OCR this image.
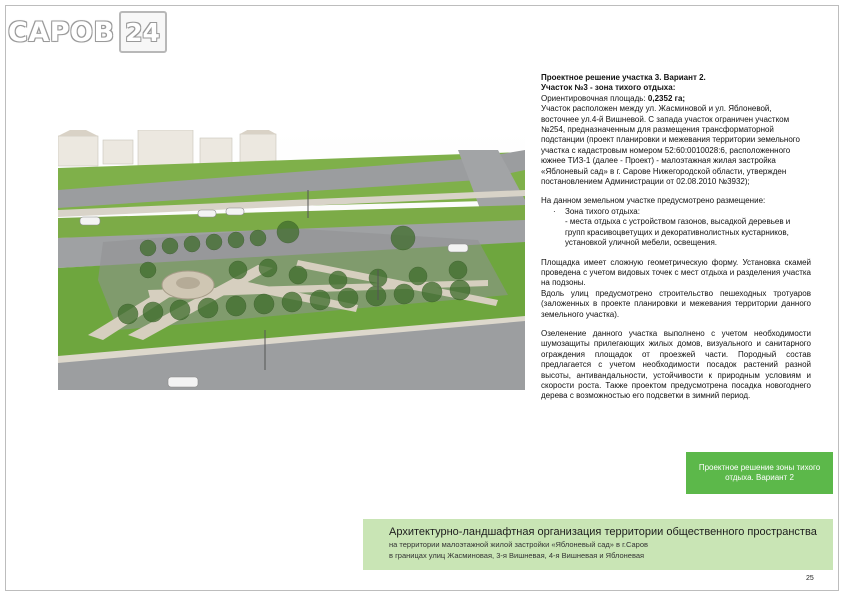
САРОВ 24

Проектное решение участка 3. Вариант 2.

Участок №3 - зона тихого отдыха:

Ориентировочная площадь: 0,2352 га;

Участок расположен между ул. Жасминовой и ул. Яблоневой, восточнее ул.4-й Вишневой. С запада участок ограничен участком №254, предназначенным для размещения трансформаторной подстанции (проект планировки и межевания территории земельного участка с кадастровым номером 52:60:0010028:6, расположенного южнее ТИЗ-1 (далее - Проект) - малоэтажная жилая застройка «Яблоневый сад» в г. Сарове Нижегородской области, утвержден постановлением Администрации от 02.08.2010 №3932);

На данном земельном участке предусмотрено размещение:

· Зона тихого отдыха:

- места отдыха с устройством газонов, высадкой деревьев и групп красивоцветущих и декоративнолистных кустарников, установкой уличной мебели, освещения.

Площадка имеет сложную геометрическую форму. Установка скамей проведена с учетом видовых точек с мест отдыха и разделения участка на подзоны.

Вдоль улиц предусмотрено строительство пешеходных тротуаров (заложенных в проекте планировки и межевания территории данного земельного участка).

Озеленение данного участка выполнено с учетом необходимости шумозащиты прилегающих жилых домов, визуального и санитарного ограждения площадок от проезжей части. Породный состав предлагается с учетом необходимости посадок растений разной высоты, антивандальности, устойчивости к природным условиям и скорости роста. Также проектом предусмотрена посадка новогоднего дерева с возможностью его подсветки в зимний период.

Проектное решение зоны тихого отдыха. Вариант 2
Архитектурно-ландшафтная организация территории общественного пространства
на территории малоэтажной жилой застройки «Яблоневый сад» в г.Саров
в границах улиц Жасминовая, 3-я Вишневая, 4-я Вишневая и Яблоневая
25
